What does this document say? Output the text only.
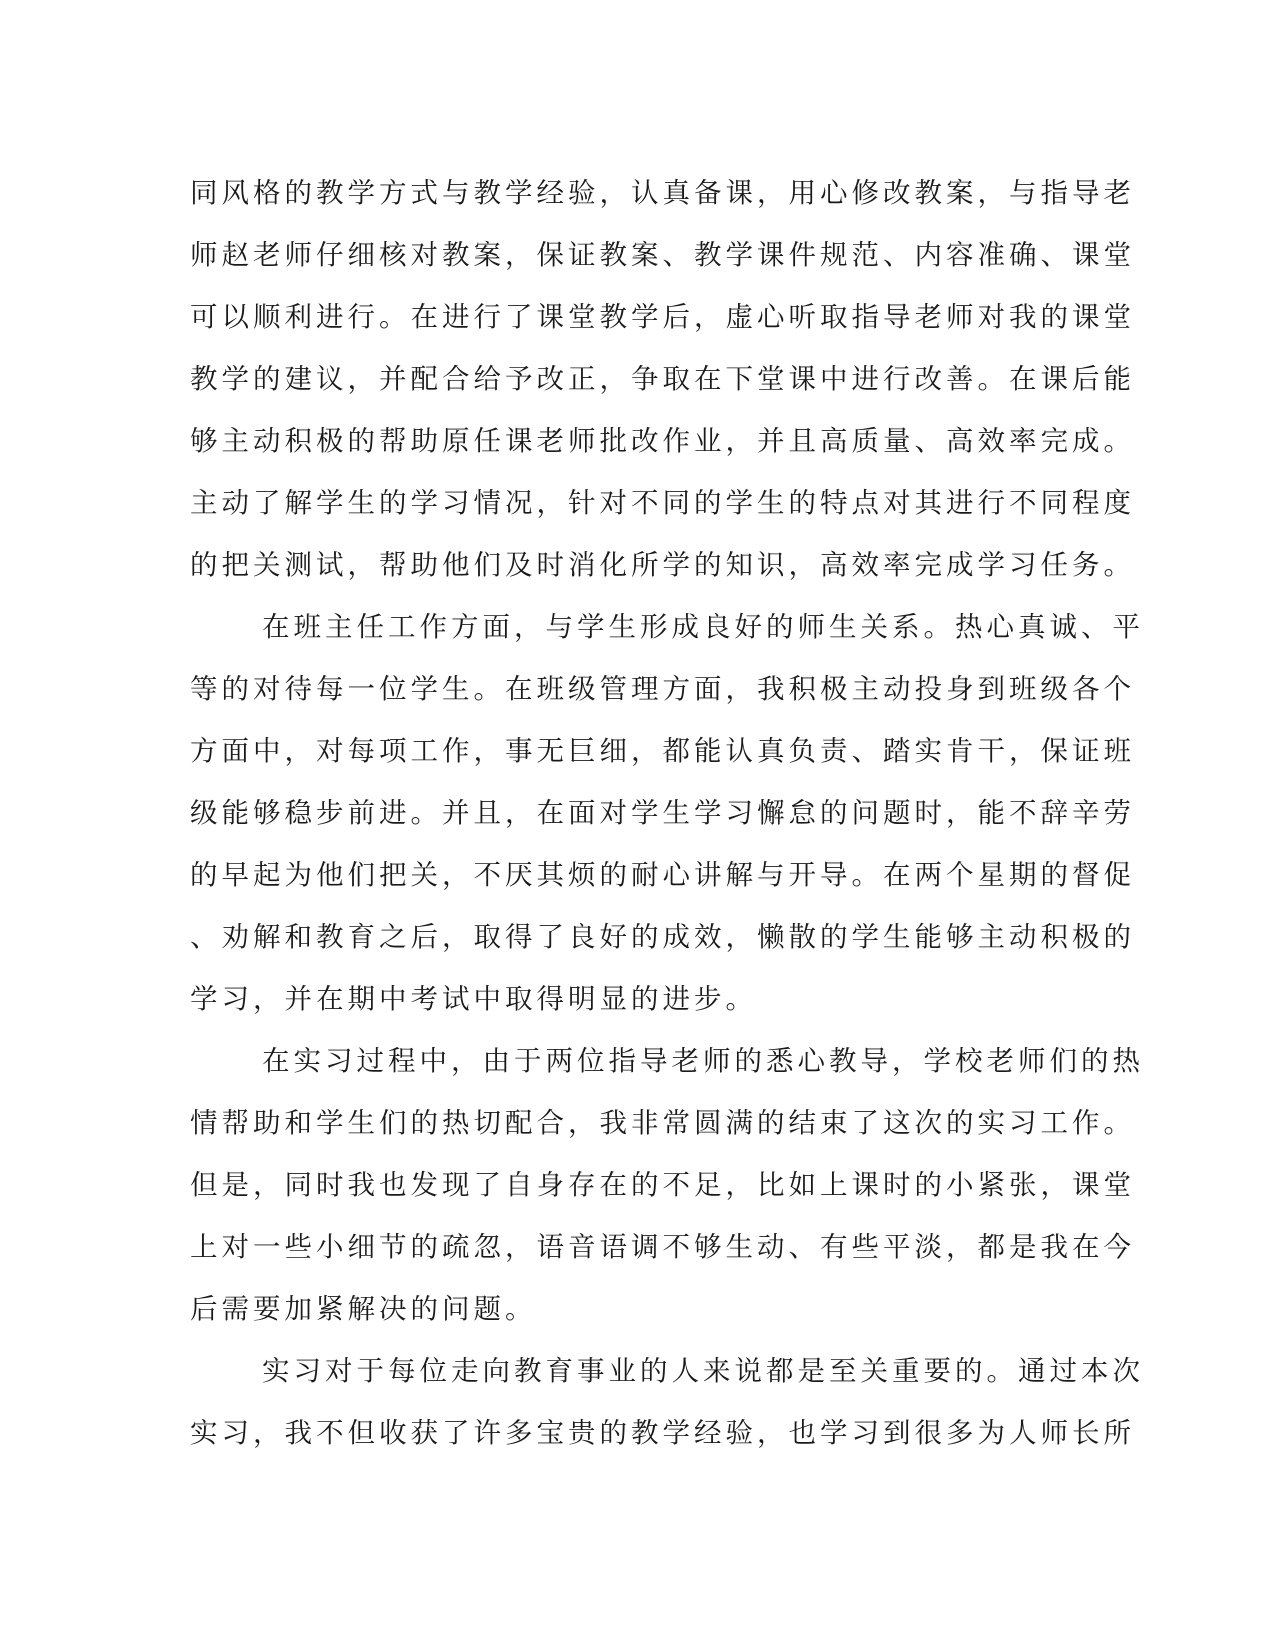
同风格的教学方式与教学经验，认真备课，用心修改教案，与指导老
师赵老师仔细核对教案，保证教案、教学课件规范、内容准确、课堂
可以顺利进行。在进行了课堂教学后，虚心听取指导老师对我的课堂
教学的建议，并配合给予改正，争取在下堂课中进行改善。在课后能
够主动积极的帮助原任课老师批改作业，并且高质量、高效率完成。
主动了解学生的学习情况，针对不同的学生的特点对其进行不同程度
的把关测试，帮助他们及时消化所学的知识，高效率完成学习任务。
在班主任工作方面，与学生形成良好的师生关系。热心真诚、平
等的对待每一位学生。在班级管理方面，我积极主动投身到班级各个
方面中，对每项工作，事无巨细，都能认真负责、踏实肯干，保证班
级能够稳步前进。并且，在面对学生学习懈怠的问题时，能不辞辛劳
的早起为他们把关，不厌其烦的耐心讲解与开导。在两个星期的督促
、劝解和教育之后，取得了良好的成效，懒散的学生能够主动积极的
学习，并在期中考试中取得明显的进步。
在实习过程中，由于两位指导老师的悉心教导，学校老师们的热
情帮助和学生们的热切配合，我非常圆满的结束了这次的实习工作。
但是，同时我也发现了自身存在的不足，比如上课时的小紧张，课堂
上对一些小细节的疏忽，语音语调不够生动、有些平淡，都是我在今
后需要加紧解决的问题。
实习对于每位走向教育事业的人来说都是至关重要的。通过本次
实习，我不但收获了许多宝贵的教学经验，也学习到很多为人师长所
